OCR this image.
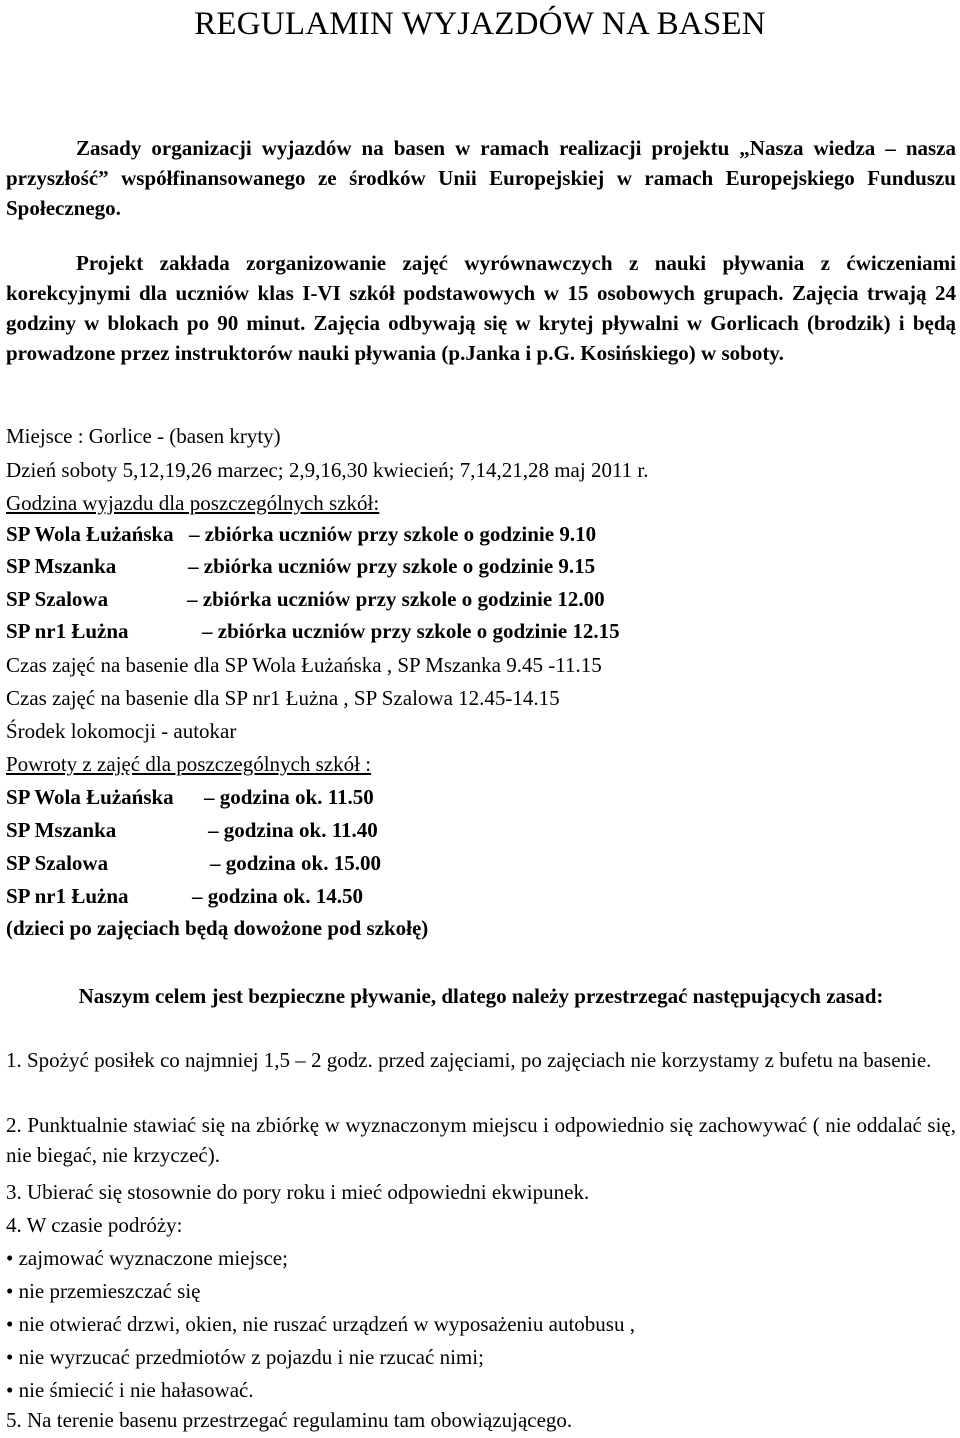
REGULAMIN WYJAZDÓW NA BASEN
Zasady organizacji wyjazdów na basen w ramach realizacji projektu „Nasza wiedza – nasza przyszłość” współfinansowanego ze środków Unii Europejskiej w ramach Europejskiego Funduszu Społecznego.
Projekt zakłada zorganizowanie zajęć wyrównawczych z nauki pływania z ćwiczeniami korekcyjnymi dla uczniów klas I-VI szkół podstawowych w 15 osobowych grupach. Zajęcia trwają 24 godziny w blokach po 90 minut. Zajęcia odbywają się w krytej pływalni w Gorlicach (brodzik) i będą prowadzone przez instruktorów nauki pływania (p.Janka i p.G. Kosińskiego) w soboty.
Miejsce : Gorlice - (basen kryty)
Dzień soboty 5,12,19,26 marzec; 2,9,16,30 kwiecień; 7,14,21,28 maj 2011 r.
Godzina wyjazdu dla poszczególnych szkół:
SP Wola Łużańska – zbiórka uczniów przy szkole o godzinie 9.10
SP Mszanka	– zbiórka uczniów przy szkole o godzinie 9.15
SP Szalowa	– zbiórka uczniów przy szkole o godzinie 12.00
SP nr1 Łużna	– zbiórka uczniów przy szkole o godzinie 12.15
Czas zajęć na basenie dla SP Wola Łużańska , SP Mszanka 9.45 -11.15
Czas zajęć na basenie dla SP nr1 Łużna , SP Szalowa 12.45-14.15
Środek lokomocji - autokar
Powroty z zajęć dla poszczególnych szkół :
SP Wola Łużańska – godzina ok. 11.50
SP Mszanka	– godzina ok. 11.40
SP Szalowa	– godzina ok. 15.00
SP nr1 Łużna	– godzina ok. 14.50
(dzieci po zajęciach będą dowożone pod szkołę)
Naszym celem jest bezpieczne pływanie, dlatego należy przestrzegać następujących zasad:
1. Spożyć posiłek co najmniej 1,5 – 2 godz. przed zajęciami, po zajęciach nie korzystamy z bufetu na basenie.
2. Punktualnie stawiać się na zbiórkę w wyznaczonym miejscu i odpowiednio się zachowywać ( nie oddalać się, nie biegać, nie krzyczeć).
3. Ubierać się stosownie do pory roku i mieć odpowiedni ekwipunek.
4. W czasie podróży:
• zajmować wyznaczone miejsce;
• nie przemieszczać się
• nie otwierać drzwi, okien, nie ruszać urządzeń w wyposażeniu autobusu ,
• nie wyrzucać przedmiotów z pojazdu i nie rzucać nimi;
• nie śmiecić i nie hałasować.
5. Na terenie basenu przestrzegać regulaminu tam obowiązującego.
